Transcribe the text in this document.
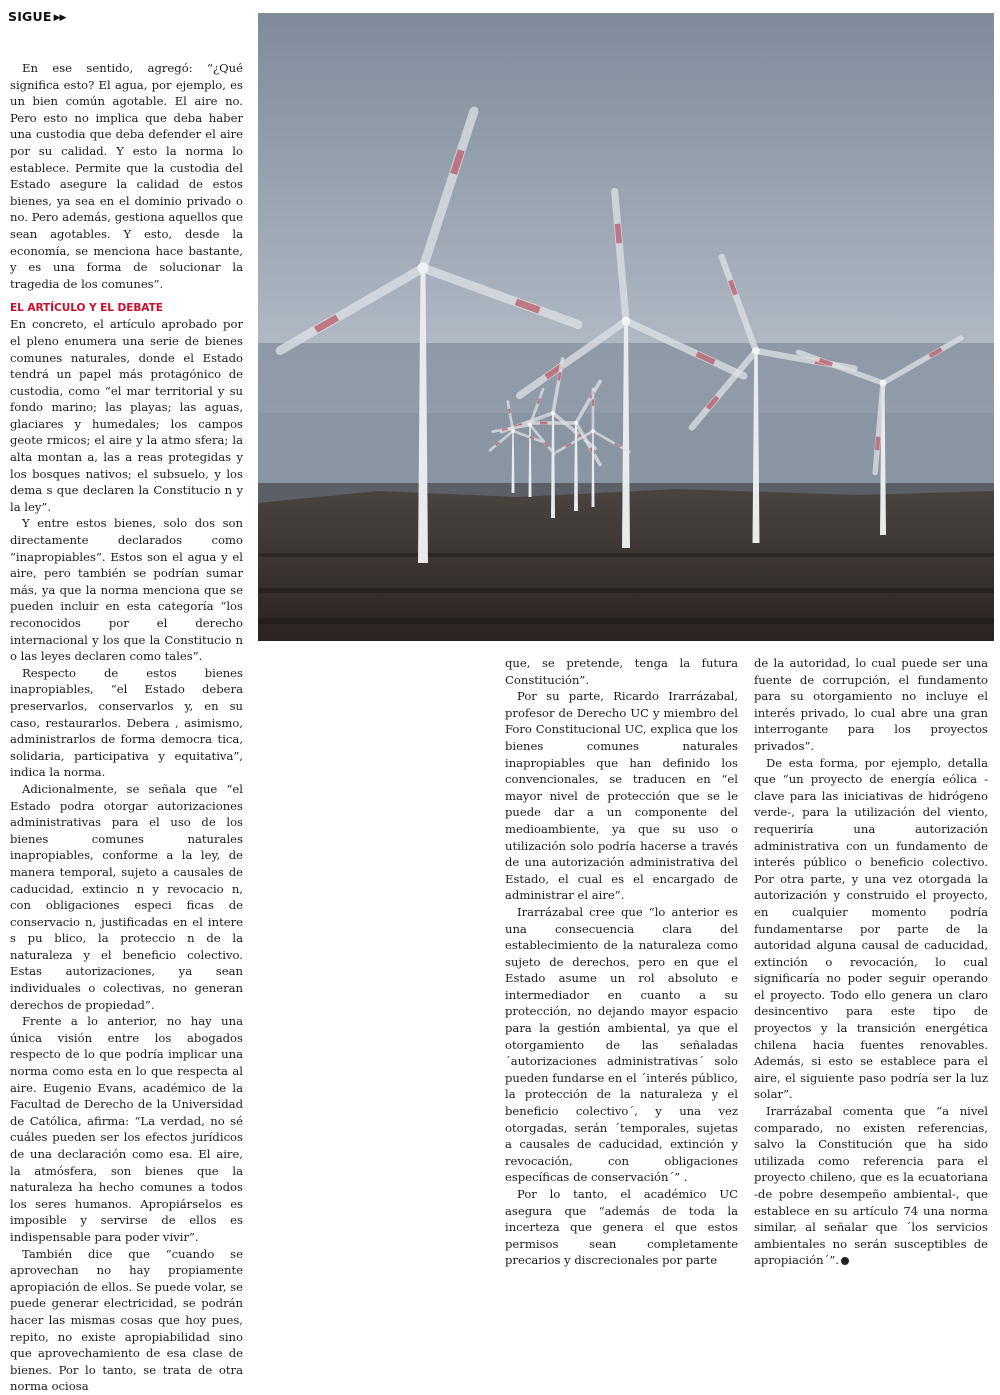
SIGUE ▶▶

En ese sentido, agregó: “¿Qué significa esto? El agua, por ejemplo, es un bien común agotable. El aire no. Pero esto no implica que deba haber una custodia que deba defender el aire por su calidad. Y esto la norma lo establece. Permite que la custodia del Estado asegure la calidad de estos bienes, ya sea en el dominio privado o no. Pero además, gestiona aquellos que sean agotables. Y esto, desde la economía, se menciona hace bastante, y es una forma de solucionar la tragedia de los comunes”.

EL ARTÍCULO Y EL DEBATE

En concreto, el artículo aprobado por el pleno enumera una serie de bienes comunes naturales, donde el Estado tendrá un papel más protagónico de custodia, como “el mar territorial y su fondo marino; las playas; las aguas, glaciares y humedales; los campos geote rmicos; el aire y la atmo sfera; la alta montan a, las a reas protegidas y los bosques nativos; el subsuelo, y los dema s que declaren la Constitucio n y la ley”.

Y entre estos bienes, solo dos son directamente declarados como “inapropiables”. Estos son el agua y el aire, pero también se podrían sumar más, ya que la norma menciona que se pueden incluir en esta categoría “los reconocidos por el derecho internacional y los que la Constitucio n o las leyes declaren como tales”.

Respecto de estos bienes inapropiables, “el Estado debera preservarlos, conservarlos y, en su caso, restaurarlos. Debera , asimismo, administrarlos de forma democra tica, solidaria, participativa y equitativa”, indica la norma.

Adicionalmente, se señala que “el Estado podra otorgar autorizaciones administrativas para el uso de los bienes comunes naturales inapropiables, conforme a la ley, de manera temporal, sujeto a causales de caducidad, extincio n y revocacio n, con obligaciones especi ficas de conservacio n, justificadas en el intere s pu blico, la proteccio n de la naturaleza y el beneficio colectivo. Estas autorizaciones, ya sean individuales o colectivas, no generan derechos de propiedad”.

Frente a lo anterior, no hay una única visión entre los abogados respecto de lo que podría implicar una norma como esta en lo que respecta al aire. Eugenio Evans, académico de la Facultad de Derecho de la Universidad de Católica, afirma: “La verdad, no sé cuáles pueden ser los efectos jurídicos de una declaración como esa. El aire, la atmósfera, son bienes que la naturaleza ha hecho comunes a todos los seres humanos. Apropiárselos es imposible y servirse de ellos es indispensable para poder vivir”.

También dice que “cuando se aprovechan no hay propiamente apropiación de ellos. Se puede volar, se puede generar electricidad, se podrán hacer las mismas cosas que hoy pues, repito, no existe apropiabilidad sino que aprovechamiento de esa clase de bienes. Por lo tanto, se trata de otra norma ociosa

que, se pretende, tenga la futura Constitución”.

Por su parte, Ricardo Irarrázabal, profesor de Derecho UC y miembro del Foro Constitucional UC, explica que los bienes comunes naturales inapropiables que han definido los convencionales, se traducen en “el mayor nivel de protección que se le puede dar a un componente del medioambiente, ya que su uso o utilización solo podría hacerse a través de una autorización administrativa del Estado, el cual es el encargado de administrar el aire”.

Irarrázabal cree que “lo anterior es una consecuencia clara del establecimiento de la naturaleza como sujeto de derechos, pero en que el Estado asume un rol absoluto e intermediador en cuanto a su protección, no dejando mayor espacio para la gestión ambiental, ya que el otorgamiento de las señaladas ´autorizaciones administrativas´ solo pueden fundarse en el ´interés público, la protección de la naturaleza y el beneficio colectivo´, y una vez otorgadas, serán ´temporales, sujetas a causales de caducidad, extinción y revocación, con obligaciones específicas de conservación´” .

Por lo tanto, el académico UC asegura que “además de toda la incerteza que genera el que estos permisos sean completamente precarios y discrecionales por parte

de la autoridad, lo cual puede ser una fuente de corrupción, el fundamento para su otorgamiento no incluye el interés privado, lo cual abre una gran interrogante para los proyectos privados”.

De esta forma, por ejemplo, detalla que “un proyecto de energía eólica -clave para las iniciativas de hidrógeno verde-, para la utilización del viento, requeriría una autorización administrativa con un fundamento de interés público o beneficio colectivo. Por otra parte, y una vez otorgada la autorización y construido el proyecto, en cualquier momento podría fundamentarse por parte de la autoridad alguna causal de caducidad, extinción o revocación, lo cual significaría no poder seguir operando el proyecto. Todo ello genera un claro desincentivo para este tipo de proyectos y la transición energética chilena hacia fuentes renovables. Además, si esto se establece para el aire, el siguiente paso podría ser la luz solar”.

Irarrázabal comenta que “a nivel comparado, no existen referencias, salvo la Constitución que ha sido utilizada como referencia para el proyecto chileno, que es la ecuatoriana -de pobre desempeño ambiental-, que establece en su artículo 74 una norma similar, al señalar que ´los servicios ambientales no serán susceptibles de apropiación´”.
